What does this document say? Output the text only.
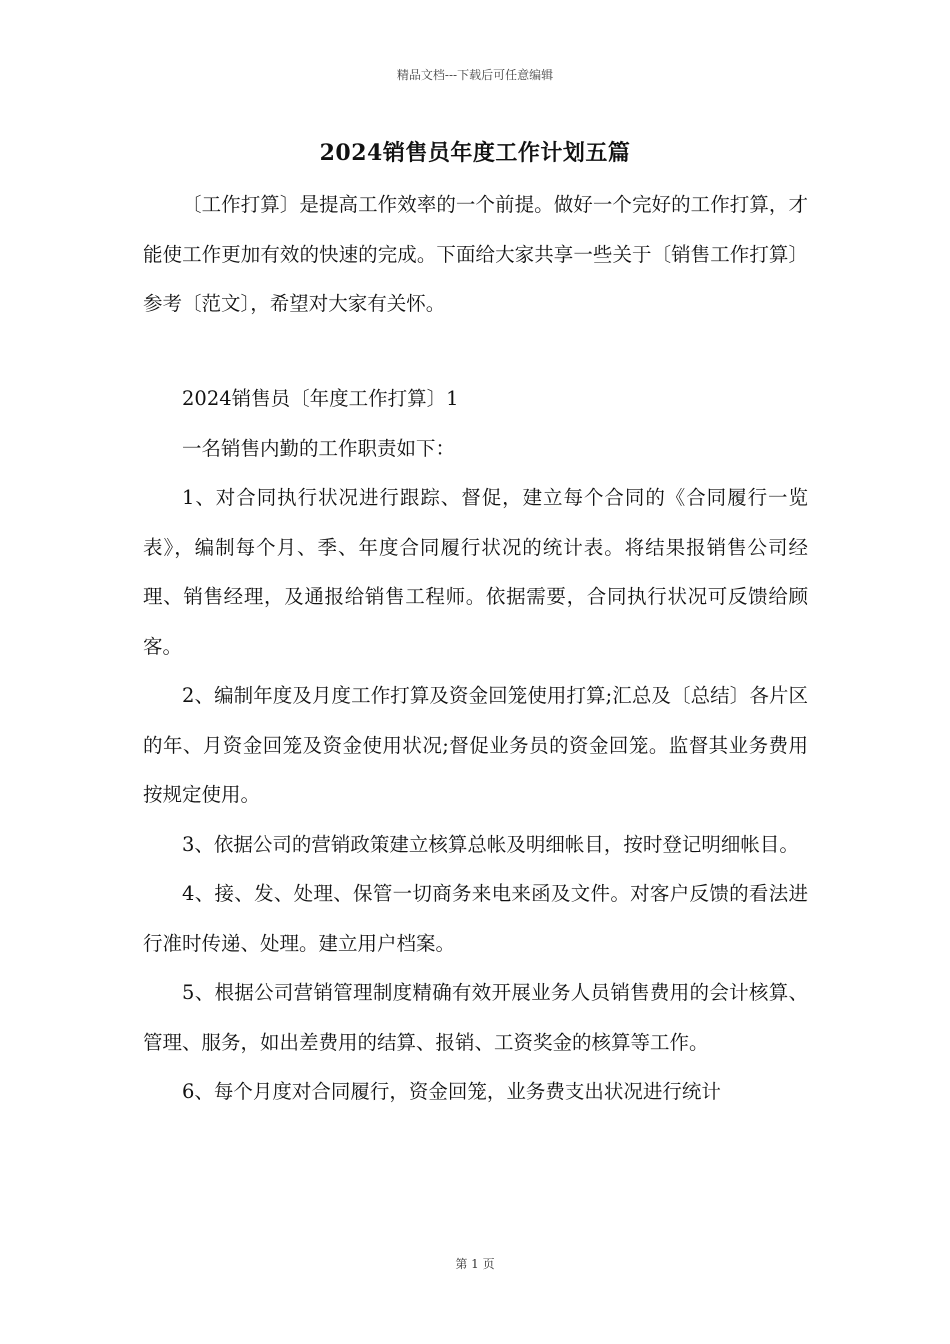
精品文档---下载后可任意编辑
2024销售员年度工作计划五篇

〔工作打算〕是提高工作效率的一个前提。做好一个完好的工作打算，才能使工作更加有效的快速的完成。下面给大家共享一些关于〔销售工作打算〕参考〔范文〕，希望对大家有关怀。

2024销售员〔年度工作打算〕1

一名销售内勤的工作职责如下：

1、对合同执行状况进行跟踪、督促，建立每个合同的《合同履行一览表》，编制每个月、季、年度合同履行状况的统计表。将结果报销售公司经理、销售经理，及通报给销售工程师。依据需要，合同执行状况可反馈给顾客。

2、编制年度及月度工作打算及资金回笼使用打算;汇总及〔总结〕各片区的年、月资金回笼及资金使用状况;督促业务员的资金回笼。监督其业务费用按规定使用。

3、依据公司的营销政策建立核算总帐及明细帐目，按时登记明细帐目。

4、接、发、处理、保管一切商务来电来函及文件。对客户反馈的看法进行准时传递、处理。建立用户档案。

5、根据公司营销管理制度精确有效开展业务人员销售费用的会计核算、管理、服务，如出差费用的结算、报销、工资奖金的核算等工作。

6、每个月度对合同履行，资金回笼，业务费支出状况进行统计

第 1 页
